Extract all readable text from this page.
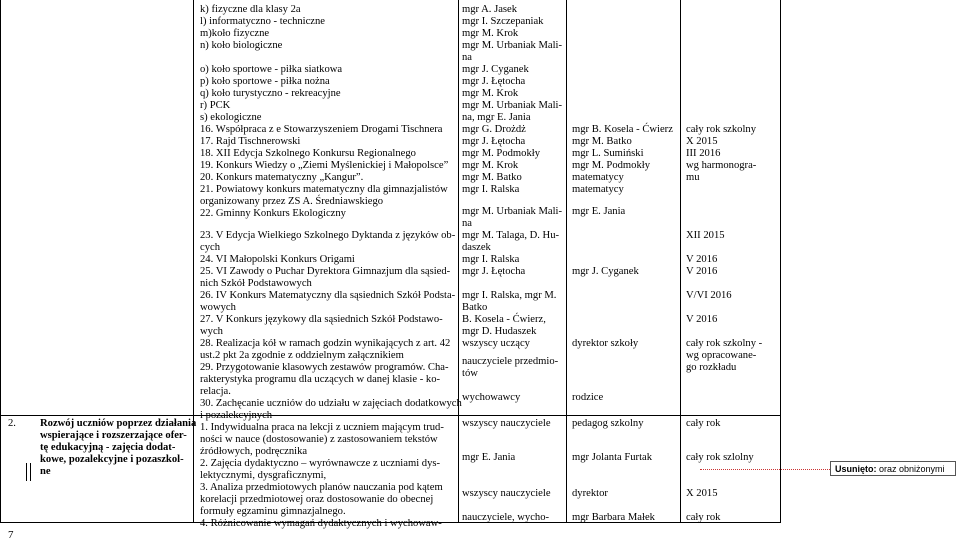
2. Rozwój uczniów poprzez działania
wspierające i rozszerzające ofer-
tę edukacyjną - zajęcia dodat-
kowe, pozalekcyjne i pozaszkol-
ne
k) fizyczne dla klasy 2a
l) informatyczno - techniczne
m)koło fizyczne
n) koło biologiczne
o) koło sportowe - piłka siatkowa
p) koło sportowe - piłka nożna
q) koło turystyczno - rekreacyjne
r) PCK
s) ekologiczne
16. Współpraca z e Stowarzyszeniem Drogami Tischnera
17. Rajd Tischnerowski
18. XII Edycja Szkolnego Konkursu Regionalnego
19. Konkurs Wiedzy o „Ziemi Myślenickiej i Małopolsce”
20. Konkurs matematyczny „Kangur”.
21. Powiatowy konkurs matematyczny dla gimnazjalistów
organizowany przez ZS A. Średniawskiego
22. Gminny Konkurs Ekologiczny
23. V Edycja Wielkiego Szkolnego Dyktanda z języków ob-
cych
24. VI Małopolski Konkurs Origami
25. VI Zawody o Puchar Dyrektora Gimnazjum dla sąsied-
nich Szkół Podstawowych
26. IV Konkurs Matematyczny dla sąsiednich Szkół Podsta-
wowych
27. V Konkurs językowy dla sąsiednich Szkół Podstawo-
wych
28. Realizacja kół w ramach godzin wynikających z art. 42
ust.2 pkt 2a zgodnie z oddzielnym załącznikiem
29. Przygotowanie klasowych zestawów programów. Cha-
rakterystyka programu dla uczących w danej klasie - ko-
relacja.
30. Zachęcanie uczniów do udziału w zajęciach dodatkowych
i pozalekcyjnych
1. Indywidualna praca na lekcji z uczniem mającym trud-
ności w nauce (dostosowanie) z zastosowaniem tekstów
źródłowych, podręcznika
2. Zajęcia dydaktyczno – wyrównawcze z uczniami dys-
lektycznymi, dysgraficznymi,
3. Analiza przedmiotowych planów nauczania pod kątem
korelacji przedmiotowej oraz dostosowanie do obecnej
formuły egzaminu gimnazjalnego.
4. Różnicowanie wymagań dydaktycznych i wychowaw-
mgr A. Jasek
mgr I. Szczepaniak
mgr M. Krok
mgr M. Urbaniak Mali-
na
mgr J. Cyganek
mgr J. Łętocha
mgr M. Krok
mgr M. Urbaniak Mali-
na, mgr E. Jania
mgr G. Drożdż
mgr J. Łętocha
mgr M. Podmokły
mgr M. Krok
mgr M. Batko
mgr I. Ralska
mgr M. Urbaniak Mali-
na
mgr M. Talaga, D. Hu-
daszek
mgr I. Ralska
mgr J. Łętocha
mgr I. Ralska, mgr M.
Batko
B. Kosela - Ćwierz,
mgr D. Hudaszek
wszyscy uczący
nauczyciele przedmio-
tów
wychowawcy
wszyscy nauczyciele
mgr E. Jania
wszyscy nauczyciele
nauczyciele, wycho-
mgr B. Kosela - Ćwierz
mgr M. Batko
mgr L. Sumiński
mgr M. Podmokły
matematycy
matematycy
mgr E. Jania
mgr J. Cyganek
dyrektor szkoły
rodzice
pedagog szkolny
mgr Jolanta Furtak
dyrektor
mgr Barbara Małek
cały rok szkolny
X 2015
III 2016
wg harmonogra-
mu
XII 2015
V 2016
V 2016
V/VI 2016
V 2016
cały rok szkolny -
wg opracowane-
go rozkładu
cały rok
cały rok szlolny
X 2015
cały rok
7
Usunięto: oraz obniżonymi
